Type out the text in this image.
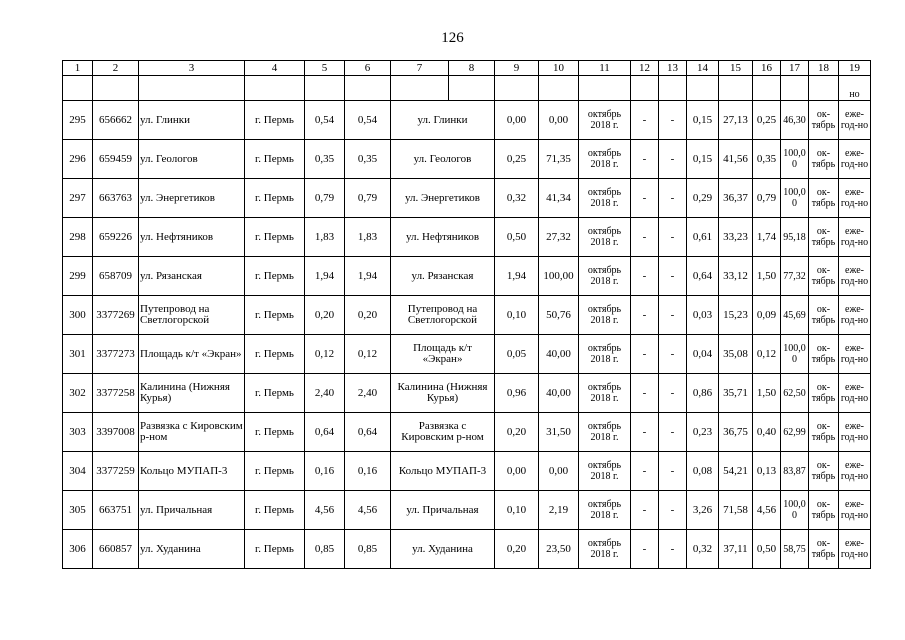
126
1	2	3	4	5	6	7	8	9	10	11	12	13	14	15	16	17	18	19
																		но
295	656662	ул. Глинки	г. Пермь	0,54	0,54	ул. Глинки		0,00	0,00	октябрь 2018 г.	-	-	0,15	27,13	0,25	46,30	ок-тябрь	еже-год-но
296	659459	ул. Геологов	г. Пермь	0,35	0,35	ул. Геологов		0,25	71,35	октябрь 2018 г.	-	-	0,15	41,56	0,35	100,0 0	ок-тябрь	еже-год-но
297	663763	ул. Энергетиков	г. Пермь	0,79	0,79	ул. Энергетиков		0,32	41,34	октябрь 2018 г.	-	-	0,29	36,37	0,79	100,0 0	ок-тябрь	еже-год-но
298	659226	ул. Нефтяников	г. Пермь	1,83	1,83	ул. Нефтяников		0,50	27,32	октябрь 2018 г.	-	-	0,61	33,23	1,74	95,18	ок-тябрь	еже-год-но
299	658709	ул. Рязанская	г. Пермь	1,94	1,94	ул. Рязанская		1,94	100,00	октябрь 2018 г.	-	-	0,64	33,12	1,50	77,32	ок-тябрь	еже-год-но
300	3377269	Путепровод на Светлогорской	г. Пермь	0,20	0,20	Путепровод на Светлогорской		0,10	50,76	октябрь 2018 г.	-	-	0,03	15,23	0,09	45,69	ок-тябрь	еже-год-но
301	3377273	Площадь к/т «Экран»	г. Пермь	0,12	0,12	Площадь к/т «Экран»		0,05	40,00	октябрь 2018 г.	-	-	0,04	35,08	0,12	100,0 0	ок-тябрь	еже-год-но
302	3377258	Калинина (Нижняя Курья)	г. Пермь	2,40	2,40	Калинина (Нижняя Курья)		0,96	40,00	октябрь 2018 г.	-	-	0,86	35,71	1,50	62,50	ок-тябрь	еже-год-но
303	3397008	Развязка с Кировским р-ном	г. Пермь	0,64	0,64	Развязка с Кировским р-ном		0,20	31,50	октябрь 2018 г.	-	-	0,23	36,75	0,40	62,99	ок-тябрь	еже-год-но
304	3377259	Кольцо МУПАП-3	г. Пермь	0,16	0,16	Кольцо МУПАП-3		0,00	0,00	октябрь 2018 г.	-	-	0,08	54,21	0,13	83,87	ок-тябрь	еже-год-но
305	663751	ул. Причальная	г. Пермь	4,56	4,56	ул. Причальная		0,10	2,19	октябрь 2018 г.	-	-	3,26	71,58	4,56	100,0 0	ок-тябрь	еже-год-но
306	660857	ул. Худанина	г. Пермь	0,85	0,85	ул. Худанина		0,20	23,50	октябрь 2018 г.	-	-	0,32	37,11	0,50	58,75	ок-тябрь	еже-год-но
